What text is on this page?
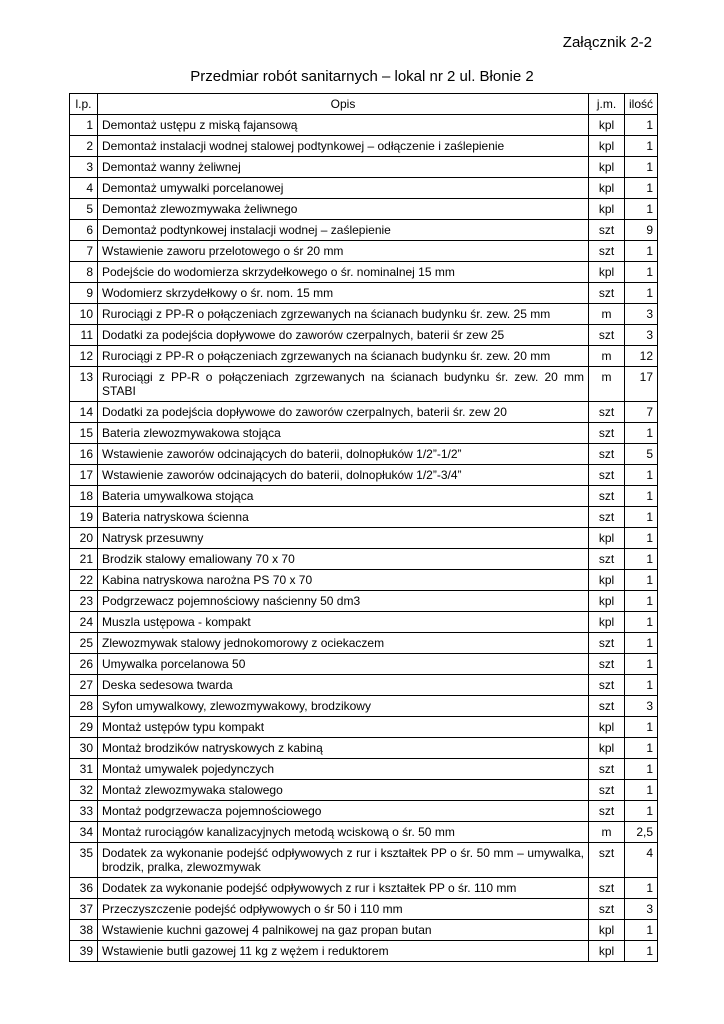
Załącznik 2-2
Przedmiar robót sanitarnych – lokal nr 2 ul. Błonie 2
l.p.	Opis	j.m.	ilość
1	Demontaż ustępu z miską fajansową	kpl	1
2	Demontaż instalacji wodnej stalowej podtynkowej – odłączenie i zaślepienie	kpl	1
3	Demontaż wanny żeliwnej	kpl	1
4	Demontaż umywalki porcelanowej	kpl	1
5	Demontaż zlewozmywaka żeliwnego	kpl	1
6	Demontaż podtynkowej instalacji wodnej – zaślepienie	szt	9
7	Wstawienie zaworu przelotowego o śr 20 mm	szt	1
8	Podejście do wodomierza skrzydełkowego o śr. nominalnej 15 mm	kpl	1
9	Wodomierz skrzydełkowy o śr. nom. 15 mm	szt	1
10	Rurociągi z PP-R o połączeniach zgrzewanych na ścianach budynku śr. zew. 25 mm	m	3
11	Dodatki za podejścia dopływowe do zaworów czerpalnych, baterii śr zew 25	szt	3
12	Rurociągi z PP-R o połączeniach zgrzewanych na ścianach budynku śr. zew. 20 mm	m	12
13	Rurociągi z PP-R o połączeniach zgrzewanych na ścianach budynku śr. zew. 20 mm STABI	m	17
14	Dodatki za podejścia dopływowe do zaworów czerpalnych, baterii śr. zew 20	szt	7
15	Bateria zlewozmywakowa stojąca	szt	1
16	Wstawienie zaworów odcinających do baterii, dolnopłuków 1/2”-1/2”	szt	5
17	Wstawienie zaworów odcinających do baterii, dolnopłuków 1/2”-3/4”	szt	1
18	Bateria umywalkowa stojąca	szt	1
19	Bateria natryskowa ścienna	szt	1
20	Natrysk przesuwny	kpl	1
21	Brodzik stalowy emaliowany 70 x 70	szt	1
22	Kabina natryskowa narożna PS 70 x 70	kpl	1
23	Podgrzewacz pojemnościowy naścienny 50 dm3	kpl	1
24	Muszla ustępowa - kompakt	kpl	1
25	Zlewozmywak stalowy jednokomorowy z ociekaczem	szt	1
26	Umywalka porcelanowa 50	szt	1
27	Deska sedesowa twarda	szt	1
28	Syfon umywalkowy, zlewozmywakowy, brodzikowy	szt	3
29	Montaż ustępów typu kompakt	kpl	1
30	Montaż brodzików natryskowych z kabiną	kpl	1
31	Montaż umywalek pojedynczych	szt	1
32	Montaż zlewozmywaka stalowego	szt	1
33	Montaż podgrzewacza pojemnościowego	szt	1
34	Montaż rurociągów kanalizacyjnych metodą wciskową o śr. 50 mm	m	2,5
35	Dodatek za wykonanie podejść odpływowych z rur i kształtek PP o śr. 50 mm – umywalka, brodzik, pralka, zlewozmywak	szt	4
36	Dodatek za wykonanie podejść odpływowych z rur i kształtek PP o śr. 110 mm	szt	1
37	Przeczyszczenie podejść odpływowych o śr 50 i 110 mm	szt	3
38	Wstawienie kuchni gazowej 4 palnikowej na gaz propan butan	kpl	1
39	Wstawienie butli gazowej 11 kg z wężem i reduktorem	kpl	1
